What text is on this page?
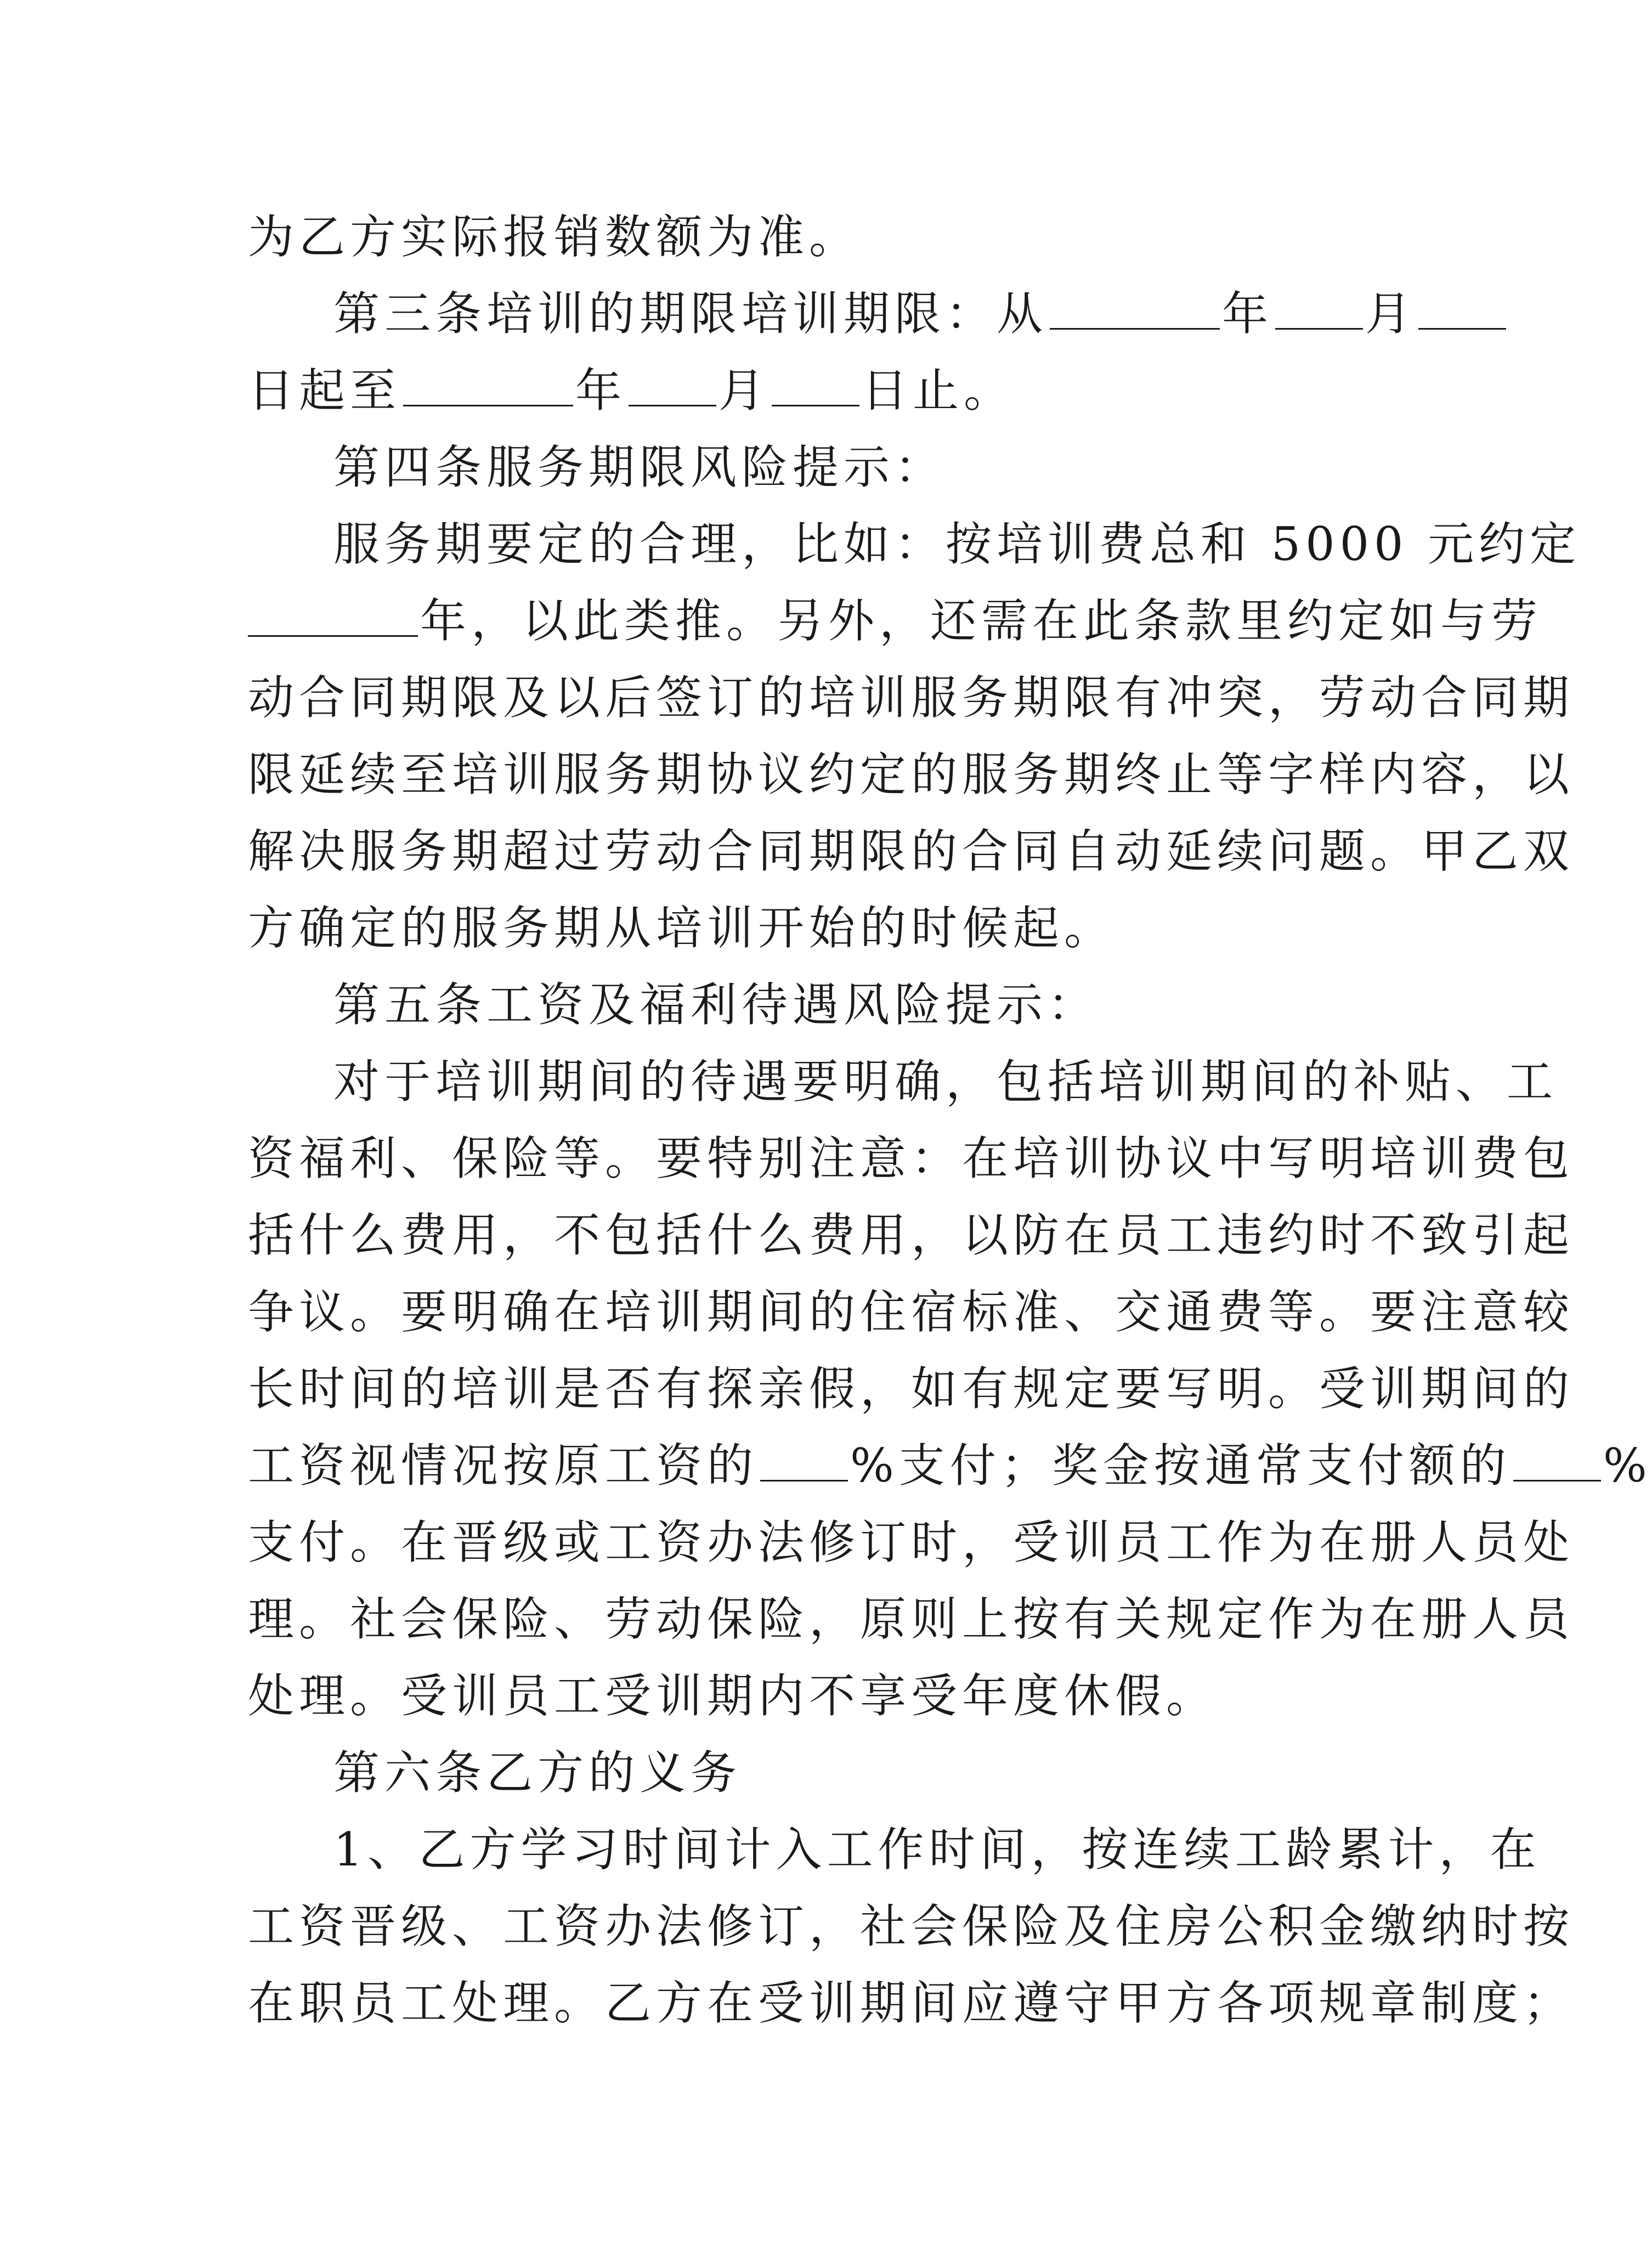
为乙方实际报销数额为准。
第三条培训的期限培训期限：从	年 月
日起至	年 月 日止。
第四条服务期限风险提示：
服务期要定的合理，比如：按培训费总和 5000 元约定
年，以此类推。另外，还需在此条款里约定如与劳
动合同期限及以后签订的培训服务期限有冲突，劳动合同期
限延续至培训服务期协议约定的服务期终止等字样内容，以
解决服务期超过劳动合同期限的合同自动延续问题。甲乙双
方确定的服务期从培训开始的时候起。
第五条工资及福利待遇风险提示：
对于培训期间的待遇要明确，包括培训期间的补贴、工
资福利、保险等。要特别注意：在培训协议中写明培训费包
括什么费用，不包括什么费用，以防在员工违约时不致引起
争议。要明确在培训期间的住宿标准、交通费等。要注意较
长时间的培训是否有探亲假，如有规定要写明。受训期间的
工资视情况按原工资的 %支付；奖金按通常支付额的 %
支付。在晋级或工资办法修订时，受训员工作为在册人员处
理。社会保险、劳动保险，原则上按有关规定作为在册人员
处理。受训员工受训期内不享受年度休假。
第六条乙方的义务
1、乙方学习时间计入工作时间，按连续工龄累计，在
工资晋级、工资办法修订，社会保险及住房公积金缴纳时按
在职员工处理。乙方在受训期间应遵守甲方各项规章制度；
